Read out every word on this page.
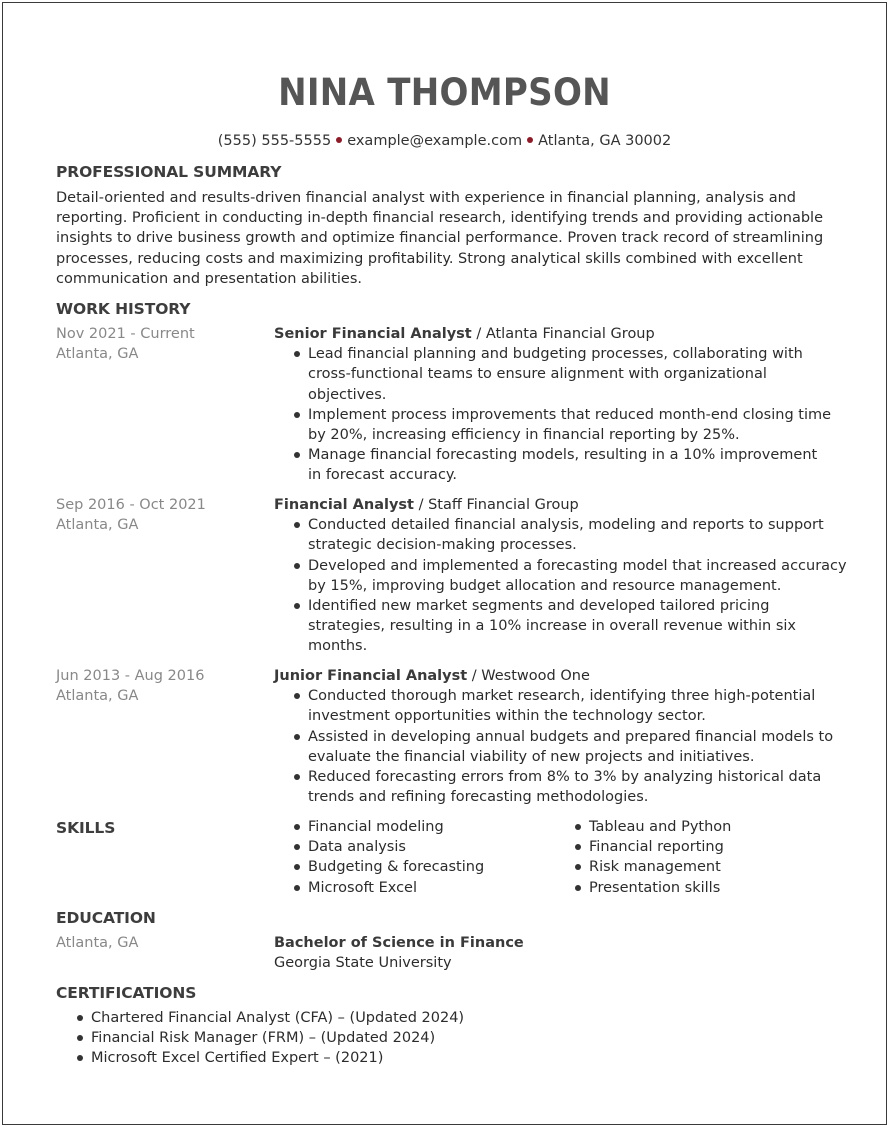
NINA THOMPSON
(555) 555-5555 example@example.com Atlanta, GA 30002
PROFESSIONAL SUMMARY
Detail-oriented and results-driven financial analyst with experience in financial planning, analysis and reporting. Proficient in conducting in-depth financial research, identifying trends and providing actionable insights to drive business growth and optimize financial performance. Proven track record of streamlining processes, reducing costs and maximizing profitability. Strong analytical skills combined with excellent communication and presentation abilities.
WORK HISTORY
Nov 2021 - Current
Atlanta, GA
Senior Financial Analyst / Atlanta Financial Group
Lead financial planning and budgeting processes, collaborating with cross-functional teams to ensure alignment with organizational objectives.
Implement process improvements that reduced month-end closing time by 20%, increasing efficiency in financial reporting by 25%.
Manage financial forecasting models, resulting in a 10% improvement in forecast accuracy.
Sep 2016 - Oct 2021
Atlanta, GA
Financial Analyst / Staff Financial Group
Conducted detailed financial analysis, modeling and reports to support strategic decision-making processes.
Developed and implemented a forecasting model that increased accuracy by 15%, improving budget allocation and resource management.
Identified new market segments and developed tailored pricing strategies, resulting in a 10% increase in overall revenue within six months.
Jun 2013 - Aug 2016
Atlanta, GA
Junior Financial Analyst / Westwood One
Conducted thorough market research, identifying three high-potential investment opportunities within the technology sector.
Assisted in developing annual budgets and prepared financial models to evaluate the financial viability of new projects and initiatives.
Reduced forecasting errors from 8% to 3% by analyzing historical data trends and refining forecasting methodologies.
SKILLS	Financial modeling
Data analysis
Budgeting & forecasting
Microsoft Excel
Tableau and Python
Financial reporting
Risk management
Presentation skills
EDUCATION
Atlanta, GA	Bachelor of Science in Finance
Georgia State University
CERTIFICATIONS
Chartered Financial Analyst (CFA) – (Updated 2024)
Financial Risk Manager (FRM) – (Updated 2024)
Microsoft Excel Certified Expert – (2021)
